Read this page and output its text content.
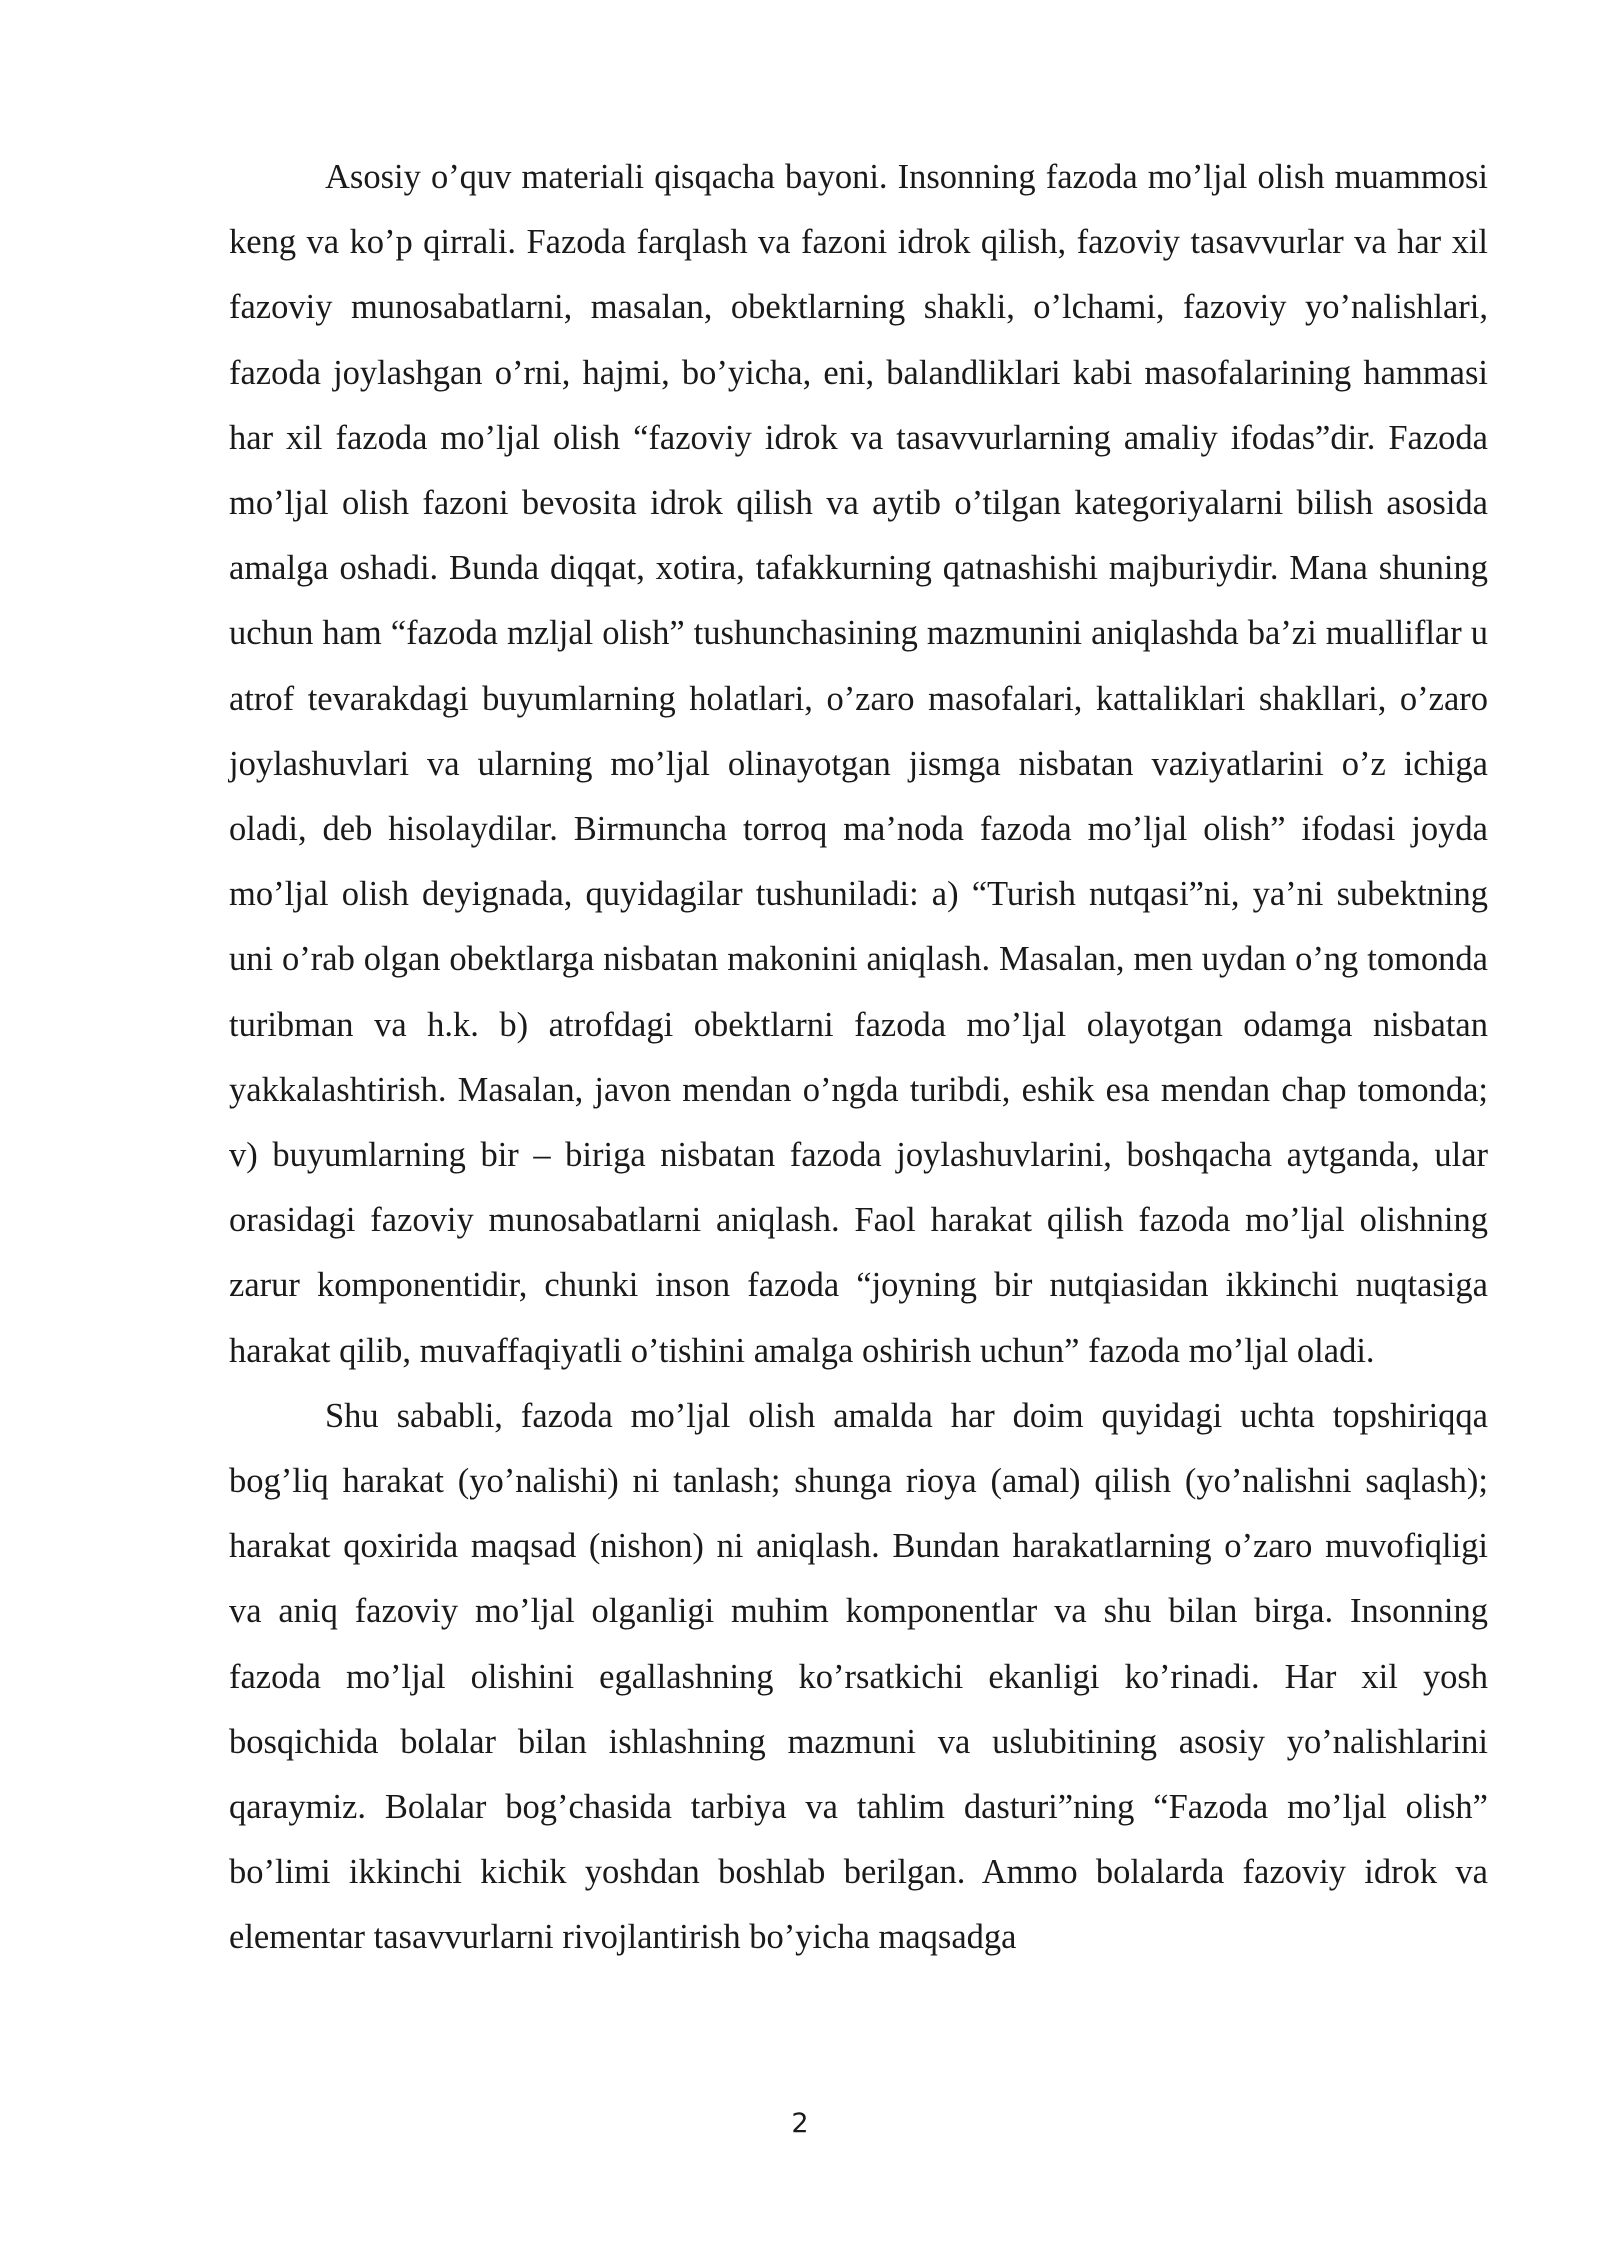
Asosiy o’quv materiali qisqacha bayoni. Insonning fazoda mo’ljal olish muammosi keng va ko’p qirrali. Fazoda farqlash va fazoni idrok qilish, fazoviy tasavvurlar va har xil fazoviy munosabatlarni, masalan, obektlarning shakli, o’lchami, fazoviy yo’nalishlari, fazoda joylashgan o’rni, hajmi, bo’yicha, eni, balandliklari kabi masofalarining hammasi har xil fazoda mo’ljal olish “fazoviy idrok va tasavvurlarning amaliy ifodas”dir. Fazoda mo’ljal olish fazoni bevosita idrok qilish va aytib o’tilgan kategoriyalarni bilish asosida amalga oshadi. Bunda diqqat, xotira, tafakkurning qatnashishi majburiydir. Mana shuning uchun ham “fazoda mzljal olish” tushunchasining mazmunini aniqlashda ba’zi mualliflar u atrof tevarakdagi buyumlarning holatlari, o’zaro masofalari, kattaliklari shakllari, o’zaro joylashuvlari va ularning mo’ljal olinayotgan jismga nisbatan vaziyatlarini o’z ichiga oladi, deb hisolaydilar. Birmuncha torroq ma’noda fazoda mo’ljal olish” ifodasi joyda mo’ljal olish deyignada, quyidagilar tushuniladi: a) “Turish nutqasi”ni, ya’ni subektning uni o’rab olgan obektlarga nisbatan makonini aniqlash. Masalan, men uydan o’ng tomonda turibman va h.k. b) atrofdagi obektlarni fazoda mo’ljal olayotgan odamga nisbatan yakkalashtirish. Masalan, javon mendan o’ngda turibdi, eshik esa mendan chap tomonda; v) buyumlarning bir – biriga nisbatan fazoda joylashuvlarini, boshqacha aytganda, ular orasidagi fazoviy munosabatlarni aniqlash. Faol harakat qilish fazoda mo’ljal olishning zarur komponentidir, chunki inson fazoda “joyning bir nutqiasidan ikkinchi nuqtasiga harakat qilib, muvaffaqiyatli o’tishini amalga oshirish uchun” fazoda mo’ljal oladi.

Shu sababli, fazoda mo’ljal olish amalda har doim quyidagi uchta topshiriqqa bog’liq harakat (yo’nalishi) ni tanlash; shunga rioya (amal) qilish (yo’nalishni saqlash); harakat qoxirida maqsad (nishon) ni aniqlash. Bundan harakatlarning o’zaro muvofiqligi va aniq fazoviy mo’ljal olganligi muhim komponentlar va shu bilan birga. Insonning fazoda mo’ljal olishini egallashning ko’rsatkichi ekanligi ko’rinadi. Har xil yosh bosqichida bolalar bilan ishlashning mazmuni va uslubitining asosiy yo’nalishlarini qaraymiz. Bolalar bog’chasida tarbiya va tahlim dasturi”ning “Fazoda mo’ljal olish” bo’limi ikkinchi kichik yoshdan boshlab berilgan. Ammo bolalarda fazoviy idrok va elementar tasavvurlarni rivojlantirish bo’yicha maqsadga

2
